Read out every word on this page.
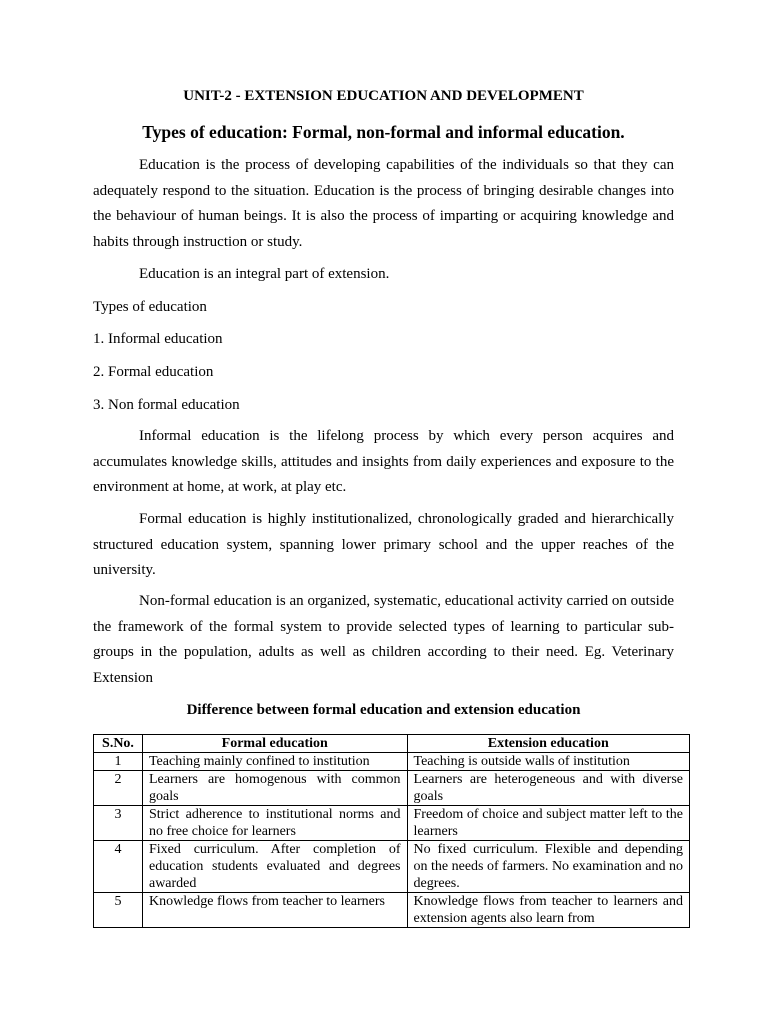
UNIT-2 - EXTENSION EDUCATION AND DEVELOPMENT
Types of education: Formal, non-formal and informal education.

Education is the process of developing capabilities of the individuals so that they can adequately respond to the situation. Education is the process of bringing desirable changes into the behaviour of human beings. It is also the process of imparting or acquiring knowledge and habits through instruction or study.

Education is an integral part of extension.

Types of education

1. Informal education

2. Formal education

3. Non formal education

Informal education is the lifelong process by which every person acquires and accumulates knowledge skills, attitudes and insights from daily experiences and exposure to the environment at home, at work, at play etc.

Formal education is highly institutionalized, chronologically graded and hierarchically structured education system, spanning lower primary school and the upper reaches of the university.

Non-formal education is an organized, systematic, educational activity carried on outside the framework of the formal system to provide selected types of learning to particular sub-groups in the population, adults as well as children according to their need. Eg. Veterinary Extension

Difference between formal education and extension education
S.No.	Formal education	Extension education
1	Teaching mainly confined to institution	Teaching is outside walls of institution
2	Learners are homogenous with common goals	Learners are heterogeneous and with diverse goals
3	Strict adherence to institutional norms and no free choice for learners	Freedom of choice and subject matter left to the learners
4	Fixed curriculum. After completion of education students evaluated and degrees awarded	No fixed curriculum. Flexible and depending on the needs of farmers. No examination and no degrees.
5	Knowledge flows from teacher to learners	Knowledge flows from teacher to learners and extension agents also learn from
